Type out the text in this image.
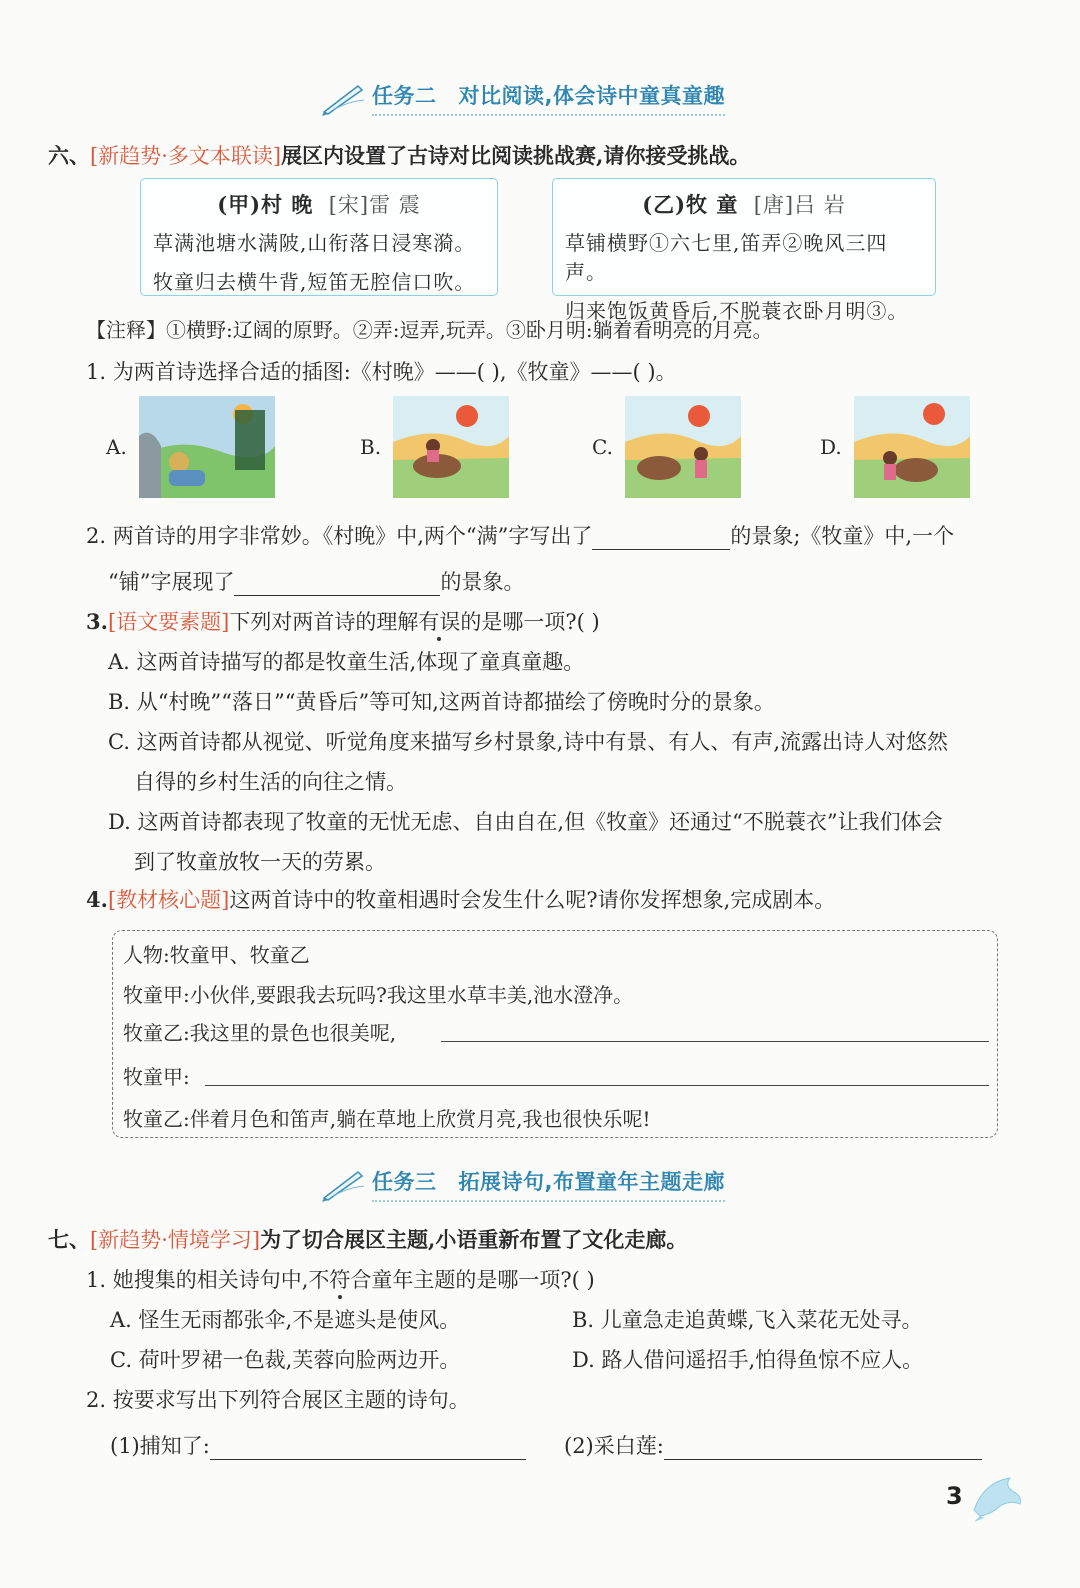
任务二 对比阅读,体会诗中童真童趣
六、[新趋势·多文本联读]展区内设置了古诗对比阅读挑战赛,请你接受挑战。
(甲)村 晚 [宋]雷 震
草满池塘水满陂,山衔落日浸寒漪。
牧童归去横牛背,短笛无腔信口吹。
(乙)牧 童 [唐]吕 岩
草铺横野①六七里,笛弄②晚风三四声。
归来饱饭黄昏后,不脱蓑衣卧月明③。
【注释】①横野:辽阔的原野。②弄:逗弄,玩弄。③卧月明:躺着看明亮的月亮。
1. 为两首诗选择合适的插图:《村晚》——( ),《牧童》——( )。
A.	B.	C.	D.
2. 两首诗的用字非常妙。《村晚》中,两个“满”字写出了	的景象;《牧童》中,一个
“铺”字展现了	的景象。
3.[语文要素题]下列对两首诗的理解有误的是哪一项?( )
A. 这两首诗描写的都是牧童生活,体现了童真童趣。
B. 从“村晚”“落日”“黄昏后”等可知,这两首诗都描绘了傍晚时分的景象。
C. 这两首诗都从视觉、听觉角度来描写乡村景象,诗中有景、有人、有声,流露出诗人对悠然
自得的乡村生活的向往之情。
D. 这两首诗都表现了牧童的无忧无虑、自由自在,但《牧童》还通过“不脱蓑衣”让我们体会
到了牧童放牧一天的劳累。
4.[教材核心题]这两首诗中的牧童相遇时会发生什么呢?请你发挥想象,完成剧本。
人物:牧童甲、牧童乙
牧童甲:小伙伴,要跟我去玩吗?我这里水草丰美,池水澄净。
牧童乙:我这里的景色也很美呢,
牧童甲:
牧童乙:伴着月色和笛声,躺在草地上欣赏月亮,我也很快乐呢!
任务三 拓展诗句,布置童年主题走廊
七、[新趋势·情境学习]为了切合展区主题,小语重新布置了文化走廊。
1. 她搜集的相关诗句中,不符合童年主题的是哪一项?( )
A. 怪生无雨都张伞,不是遮头是使风。	B. 儿童急走追黄蝶,飞入菜花无处寻。
C. 荷叶罗裙一色裁,芙蓉向脸两边开。	D. 路人借问遥招手,怕得鱼惊不应人。
2. 按要求写出下列符合展区主题的诗句。
(1)捕知了:	(2)采白莲:
3
